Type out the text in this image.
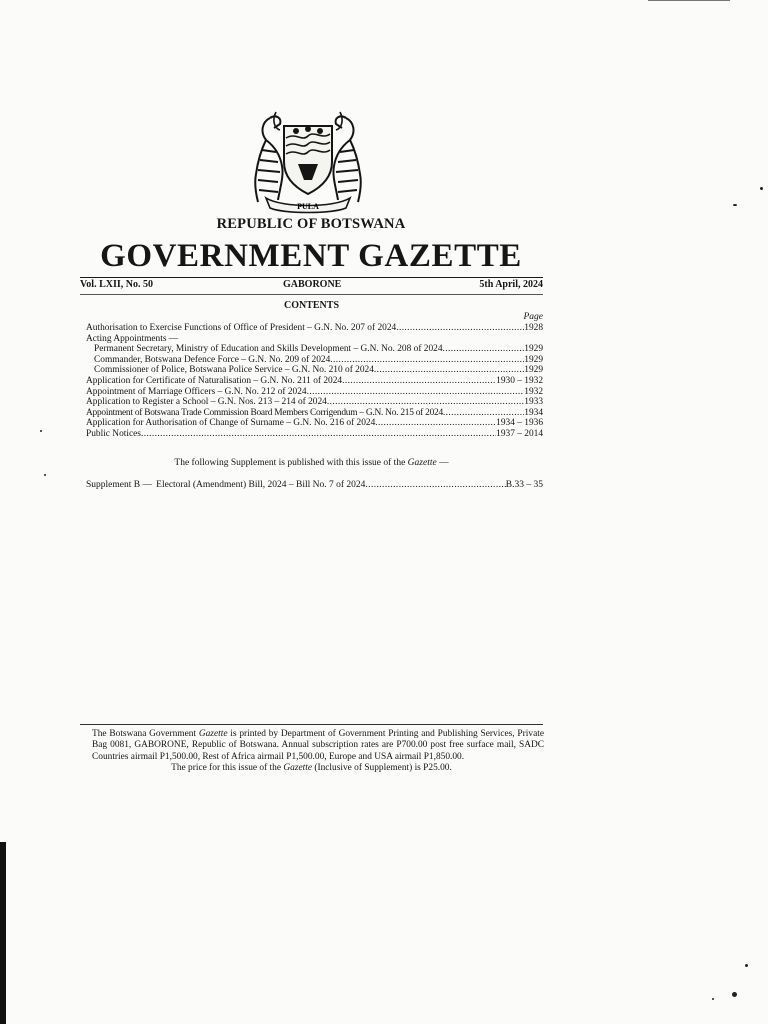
PULA
REPUBLIC OF BOTSWANA
GOVERNMENT GAZETTE
Vol. LXII, No. 50	GABORONE	5th April, 2024
CONTENTS
Page
Authorisation to Exercise Functions of Office of President – G.N. No. 207 of 2024 .....	1928
Acting Appointments —
Permanent Secretary, Ministry of Education and Skills Development – G.N. No. 208 of 2024 .....	1929
Commander, Botswana Defence Force – G.N. No. 209 of 2024 .....	1929
Commissioner of Police, Botswana Police Service – G.N. No. 210 of 2024 .....	1929
Application for Certificate of Naturalisation – G.N. No. 211 of 2024 .....	1930 – 1932
Appointment of Marriage Officers – G.N. No. 212 of 2024 .....	1932
Application to Register a School – G.N. Nos. 213 – 214 of 2024 .....	1933
Appointment of Botswana Trade Commission Board Members Corrigendum – G.N. No. 215 of 2024 .....	1934
Application for Authorisation of Change of Surname – G.N. No. 216 of 2024 .....	1934 – 1936
Public Notices .....	1937 – 2014
The following Supplement is published with this issue of the Gazette —
Supplement B — Electoral (Amendment) Bill, 2024 – Bill No. 7 of 2024 .....	B.33 – 35
The Botswana Government Gazette is printed by Department of Government Printing and Publishing Services, Private Bag 0081, GABORONE, Republic of Botswana. Annual subscription rates are P700.00 post free surface mail, SADC Countries airmail P1,500.00, Rest of Africa airmail P1,500.00, Europe and USA airmail P1,850.00.
The price for this issue of the Gazette (Inclusive of Supplement) is P25.00.
